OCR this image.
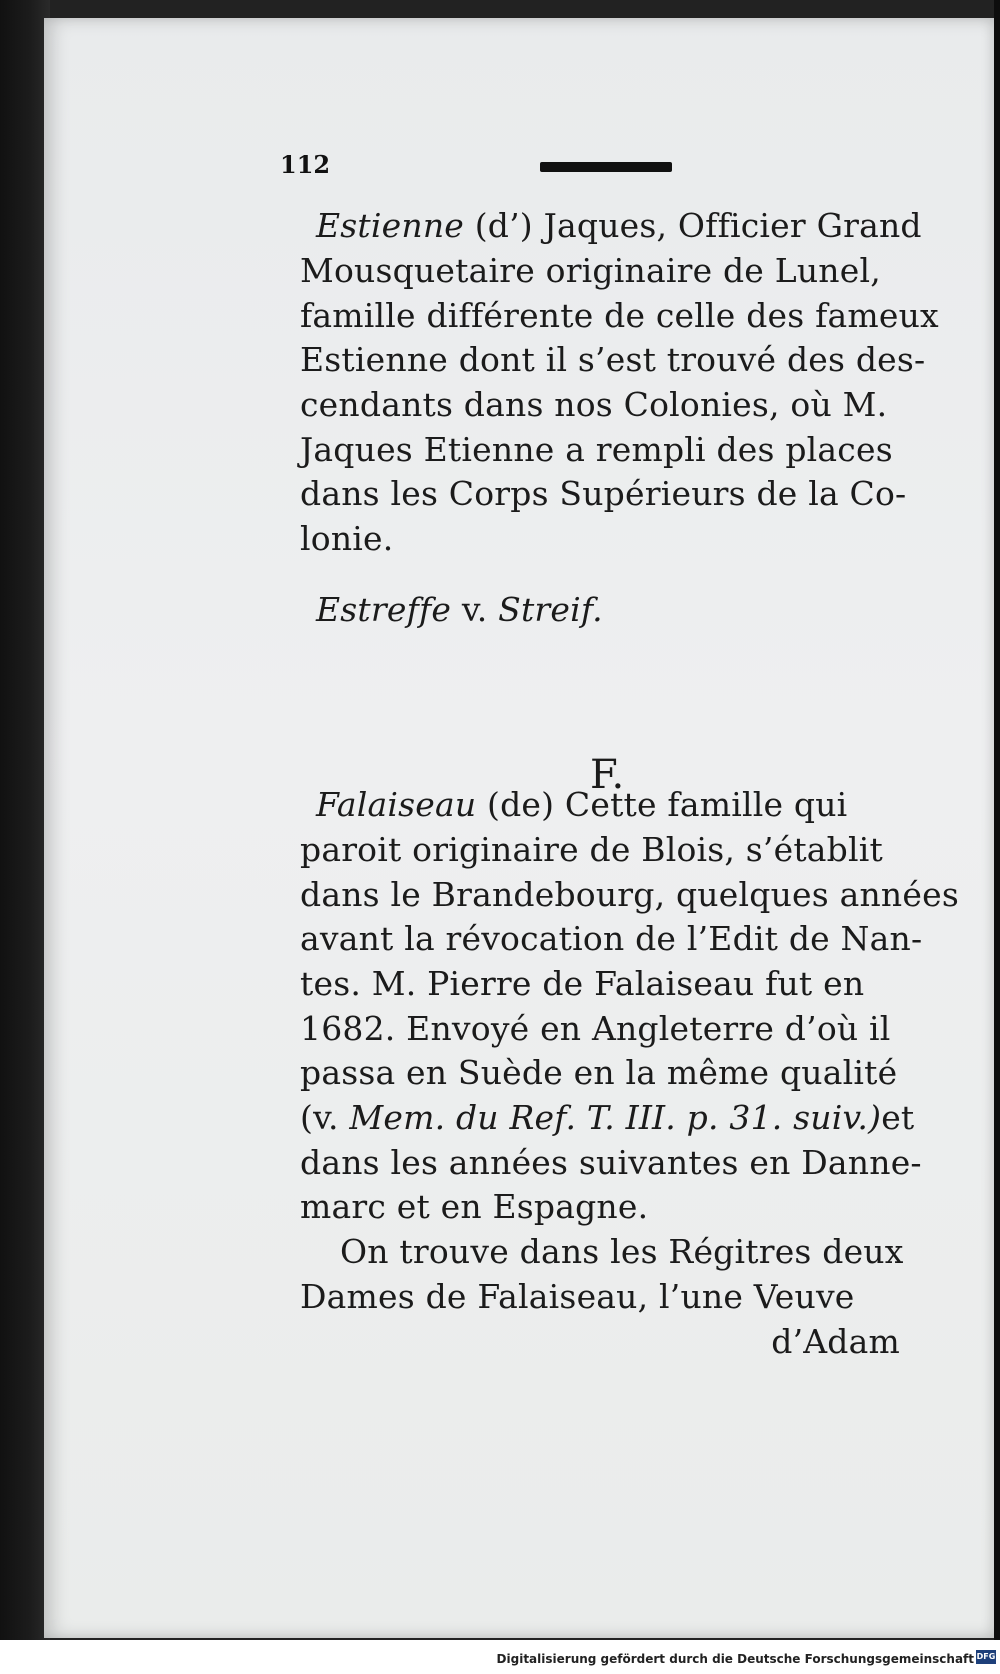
112
Estienne (d’) Jaques, Officier Grand
Mousquetaire originaire de Lunel,
famille différente de celle des fameux
Estienne dont il s’est trouvé des des-
cendants dans nos Colonies, où M.
Jaques Etienne a rempli des places
dans les Corps Supérieurs de la Co-
lonie.
Estreffe v. Streif.
F.
Falaiseau (de) Cette famille qui
paroit originaire de Blois, s’établit
dans le Brandebourg, quelques années
avant la révocation de l’Edit de Nan-
tes. M. Pierre de Falaiseau fut en
1682. Envoyé en Angleterre d’où il
passa en Suède en la même qualité
(v. Mem. du Ref. T. III. p. 31. suiv.) et
dans les années suivantes en Danne-
marc et en Espagne.
On trouve dans les Régitres deux
Dames de Falaiseau, l’une Veuve
d’Adam
Digitalisierung gefördert durch die Deutsche Forschungsgemeinschaft DFG
